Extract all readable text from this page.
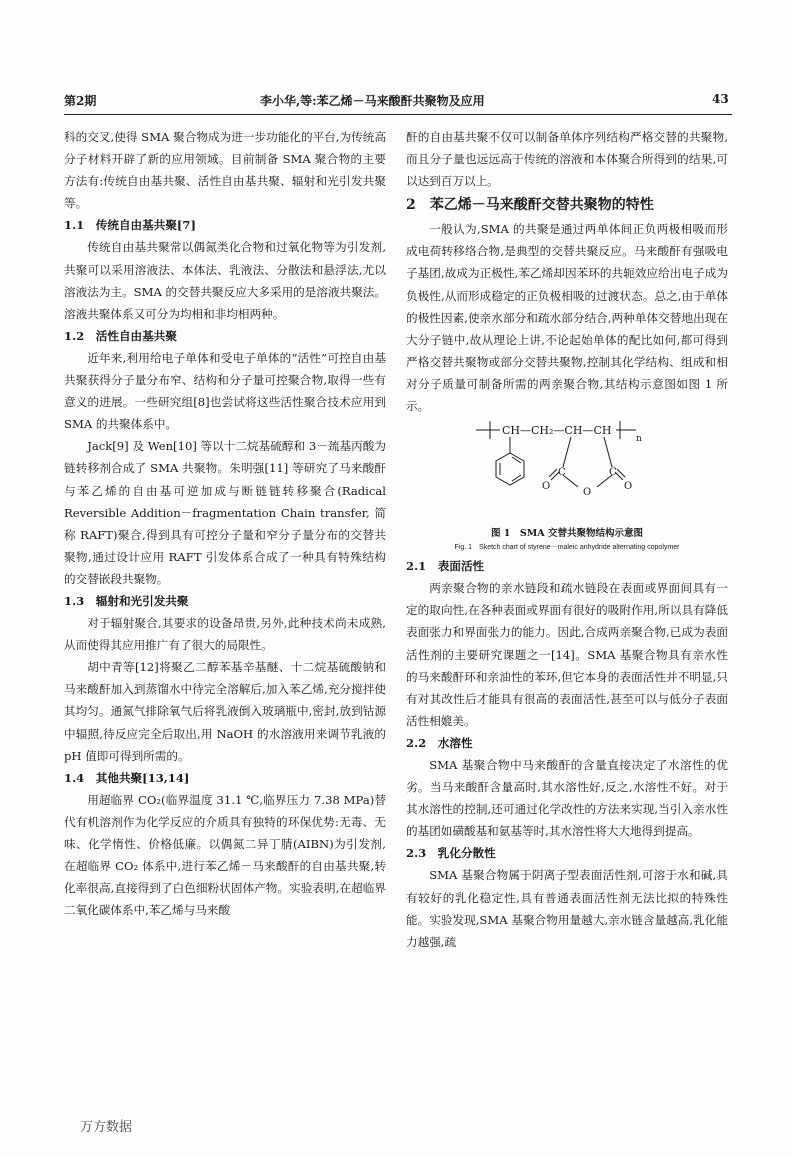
第2期	李小华,等:苯乙烯－马来酸酐共聚物及应用	43

科的交叉,使得 SMA 聚合物成为进一步功能化的平台,为传统高分子材料开辟了新的应用领域。目前制备 SMA 聚合物的主要方法有:传统自由基共聚、活性自由基共聚、辐射和光引发共聚等。

1.1　传统自由基共聚[7]

传统自由基共聚常以偶氮类化合物和过氧化物等为引发剂,共聚可以采用溶液法、本体法、乳液法、分散法和悬浮法,尤以溶液法为主。SMA 的交替共聚反应大多采用的是溶液共聚法。溶液共聚体系又可分为均相和非均相两种。

1.2　活性自由基共聚

近年来,利用给电子单体和受电子单体的“活性”可控自由基共聚获得分子量分布窄、结构和分子量可控聚合物,取得一些有意义的进展。一些研究组[8]也尝试将这些活性聚合技术应用到 SMA 的共聚体系中。

Jack[9] 及 Wen[10] 等以十二烷基硫醇和 3－巯基丙酸为链转移剂合成了 SMA 共聚物。朱明强[11] 等研究了马来酸酐与苯乙烯的自由基可逆加成与断链链转移聚合(Radical Reversible Addition－fragmentation Chain transfer, 简称 RAFT)聚合,得到具有可控分子量和窄分子量分布的交替共聚物,通过设计应用 RAFT 引发体系合成了一种具有特殊结构的交替嵌段共聚物。

1.3　辐射和光引发共聚

对于辐射聚合,其要求的设备昂贵,另外,此种技术尚未成熟,从而使得其应用推广有了很大的局限性。

胡中青等[12]将聚乙二醇苯基辛基醚、十二烷基硫酸钠和马来酸酐加入到蒸馏水中待完全溶解后,加入苯乙烯,充分搅拌使其均匀。通氮气排除氧气后将乳液倒入玻璃瓶中,密封,放到钴源中辐照,待反应完全后取出,用 NaOH 的水溶液用来调节乳液的 pH 值即可得到所需的。

1.4　其他共聚[13,14]

用超临界 CO₂(临界温度 31.1 ℃,临界压力 7.38 MPa)替代有机溶剂作为化学反应的介质具有独特的环保优势:无毒、无味、化学惰性、价格低廉。以偶氮二异丁腈(AIBN)为引发剂,在超临界 CO₂ 体系中,进行苯乙烯－马来酸酐的自由基共聚,转化率很高,直接得到了白色细粉状固体产物。实验表明,在超临界二氧化碳体系中,苯乙烯与马来酸

酐的自由基共聚不仅可以制备单体序列结构严格交替的共聚物,而且分子量也远远高于传统的溶液和本体聚合所得到的结果,可以达到百万以上。

2　苯乙烯－马来酸酐交替共聚物的特性

一般认为,SMA 的共聚是通过两单体间正负两极相吸而形成电荷转移络合物,是典型的交替共聚反应。马来酸酐有强吸电子基团,故成为正极性,苯乙烯却因苯环的共轭效应给出电子成为负极性,从而形成稳定的正负极相吸的过渡状态。总之,由于单体的极性因素,使亲水部分和疏水部分结合,两种单体交替地出现在大分子链中,故从理论上讲,不论起始单体的配比如何,都可得到严格交替共聚物或部分交替共聚物,控制其化学结构、组成和相对分子质量可制备所需的两亲聚合物,其结构示意图如图 1 所示。

CH—CH₂—CH—CH
n
C	C
O
O
O

图 1　SMA 交替共聚物结构示意图

Fig. 1　Sketch chart of styrene－maleic anhydride alternating copolymer

2.1　表面活性

两亲聚合物的亲水链段和疏水链段在表面或界面间具有一定的取向性,在各种表面或界面有很好的吸附作用,所以具有降低表面张力和界面张力的能力。因此,合成两亲聚合物,已成为表面活性剂的主要研究课题之一[14]。SMA 基聚合物具有亲水性的马来酸酐环和亲油性的苯环,但它本身的表面活性并不明显,只有对其改性后才能具有很高的表面活性,甚至可以与低分子表面活性相媲美。

2.2　水溶性

SMA 基聚合物中马来酸酐的含量直接决定了水溶性的优劣。当马来酸酐含量高时,其水溶性好,反之,水溶性不好。对于其水溶性的控制,还可通过化学改性的方法来实现,当引入亲水性的基团如磺酸基和氨基等时,其水溶性将大大地得到提高。

2.3　乳化分散性

SMA 基聚合物属于阴离子型表面活性剂,可溶于水和碱,具有较好的乳化稳定性,具有普通表面活性剂无法比拟的特殊性能。实验发现,SMA 基聚合物用量越大,亲水链含量越高,乳化能力越强,疏

万方数据
